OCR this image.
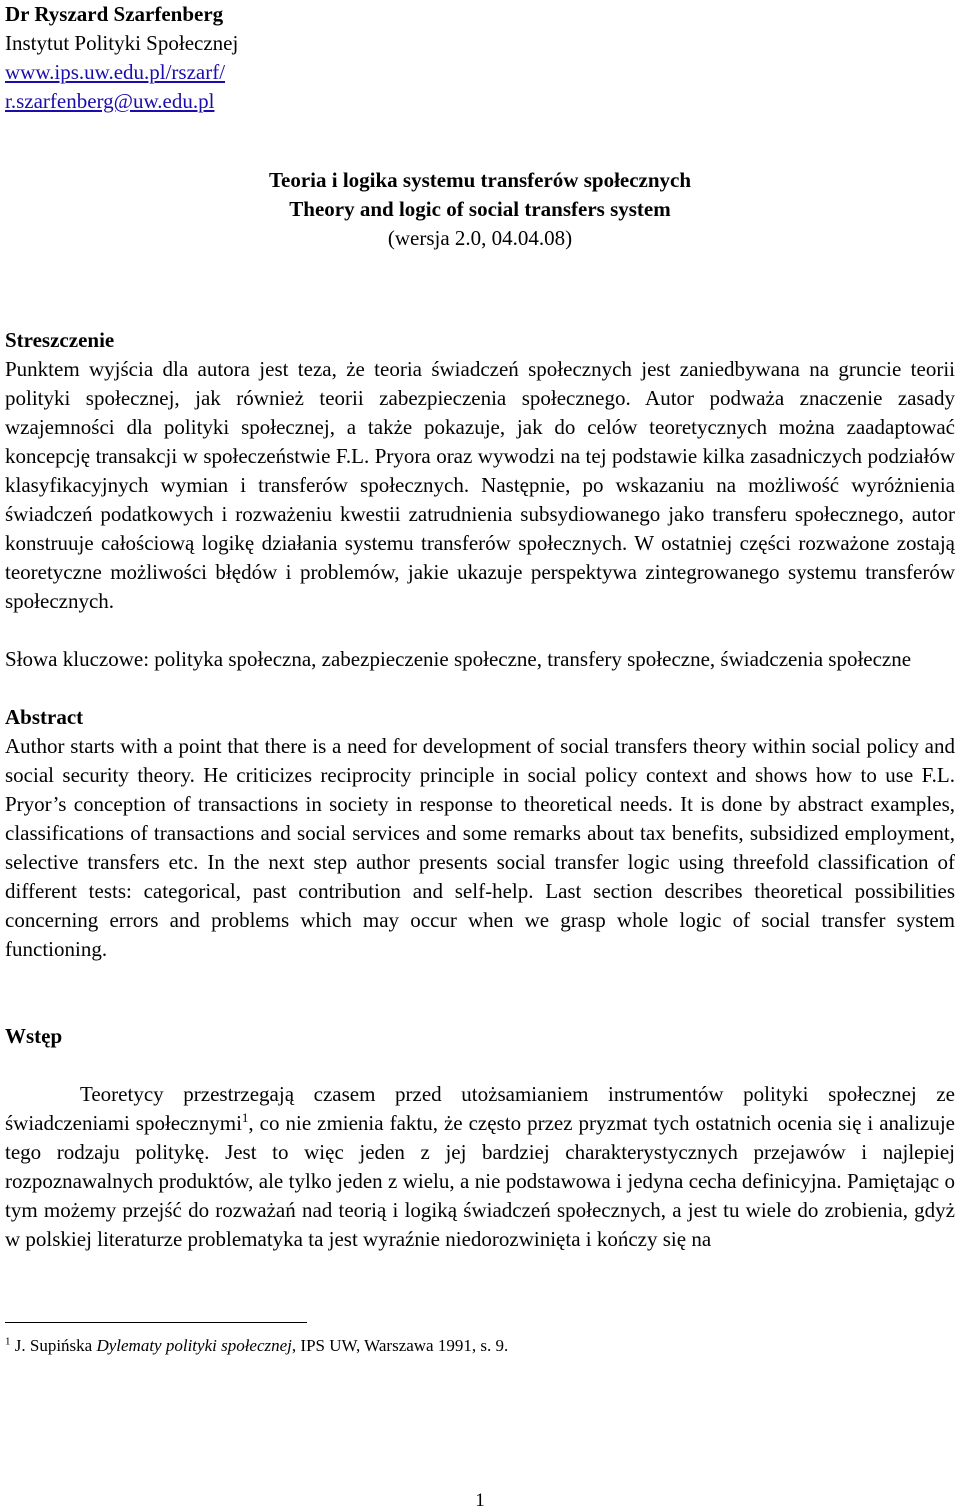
Dr Ryszard Szarfenberg
Instytut Polityki Społecznej
www.ips.uw.edu.pl/rszarf/
r.szarfenberg@uw.edu.pl
Teoria i logika systemu transferów społecznych
Theory and logic of social transfers system
(wersja 2.0, 04.04.08)
Streszczenie
Punktem wyjścia dla autora jest teza, że teoria świadczeń społecznych jest zaniedbywana na gruncie teorii polityki społecznej, jak również teorii zabezpieczenia społecznego. Autor podważa znaczenie zasady wzajemności dla polityki społecznej, a także pokazuje, jak do celów teoretycznych można zaadaptować koncepcję transakcji w społeczeństwie F.L. Pryora oraz wywodzi na tej podstawie kilka zasadniczych podziałów klasyfikacyjnych wymian i transferów społecznych. Następnie, po wskazaniu na możliwość wyróżnienia świadczeń podatkowych i rozważeniu kwestii zatrudnienia subsydiowanego jako transferu społecznego, autor konstruuje całościową logikę działania systemu transferów społecznych. W ostatniej części rozważone zostają teoretyczne możliwości błędów i problemów, jakie ukazuje perspektywa zintegrowanego systemu transferów społecznych.
Słowa kluczowe: polityka społeczna, zabezpieczenie społeczne, transfery społeczne, świadczenia społeczne
Abstract
Author starts with a point that there is a need for development of social transfers theory within social policy and social security theory. He criticizes reciprocity principle in social policy context and shows how to use F.L. Pryor’s conception of transactions in society in response to theoretical needs. It is done by abstract examples, classifications of transactions and social services and some remarks about tax benefits, subsidized employment, selective transfers etc. In the next step author presents social transfer logic using threefold classification of different tests: categorical, past contribution and self-help. Last section describes theoretical possibilities concerning errors and problems which may occur when we grasp whole logic of social transfer system functioning.
Wstęp
Teoretycy przestrzegają czasem przed utożsamianiem instrumentów polityki społecznej ze świadczeniami społecznymi$^1$, co nie zmienia faktu, że często przez pryzmat tych ostatnich ocenia się i analizuje tego rodzaju politykę. Jest to więc jeden z jej bardziej charakterystycznych przejawów i najlepiej rozpoznawalnych produktów, ale tylko jeden z wielu, a nie podstawowa i jedyna cecha definicyjna. Pamiętając o tym możemy przejść do rozważań nad teorią i logiką świadczeń społecznych, a jest tu wiele do zrobienia, gdyż w polskiej literaturze problematyka ta jest wyraźnie niedorozwinięta i kończy się na
$^1$ J. Supińska Dylematy polityki społecznej, IPS UW, Warszawa 1991, s. 9.
1
